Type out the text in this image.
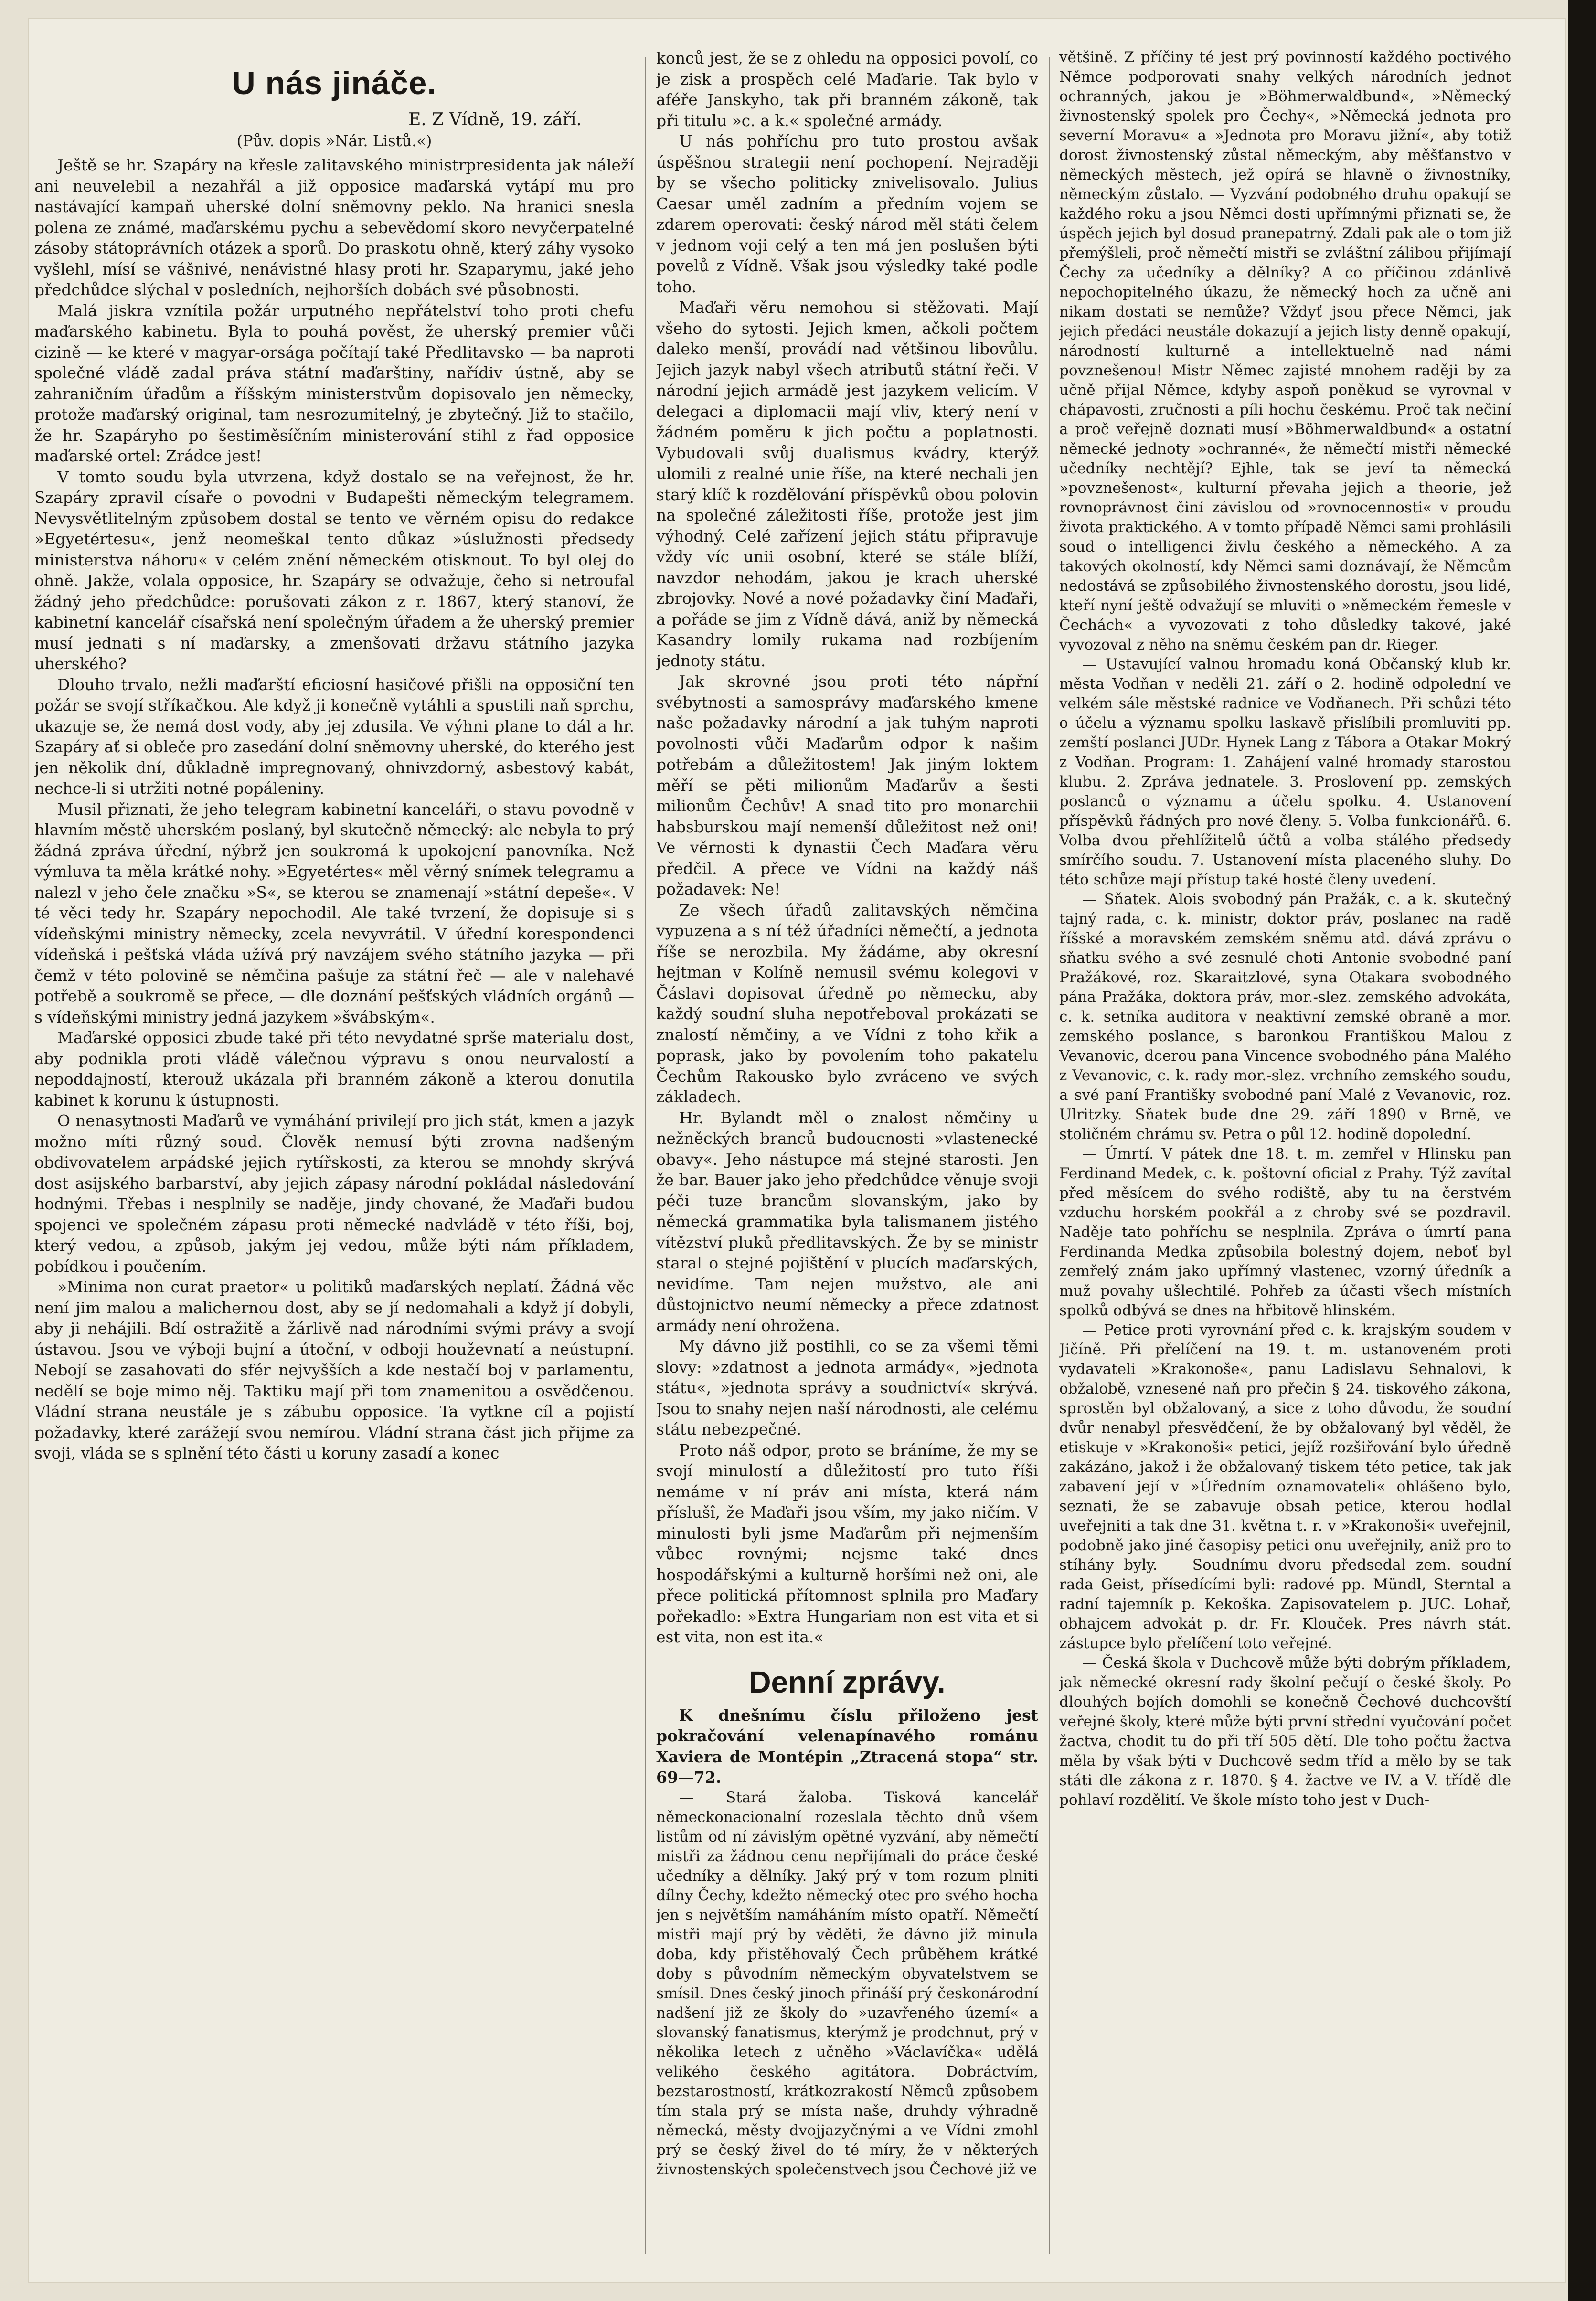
U nás jináče.
E. Z Vídně, 19. září.
(Pův. dopis »Nár. Listů.«)

Ještě se hr. Szapáry na křesle zalitavského ministrpresidenta jak náleží ani neuvelebil a nezahřál a již opposice maďarská vytápí mu pro nastávající kampaň uherské dolní sněmovny peklo. Na hranici snesla polena ze známé, maďarskému pychu a sebevědomí skoro nevyčerpatelné zásoby státoprávních otázek a sporů. Do praskotu ohně, který záhy vysoko vyšlehl, mísí se vášnivé, nenávistné hlasy proti hr. Szaparymu, jaké jeho předchůdce slýchal v posledních, nejhorších dobách své působnosti.

Malá jiskra vznítila požár urputného nepřátelství toho proti chefu maďarského kabinetu. Byla to pouhá pověst, že uherský premier vůči cizině — ke které v magyar-orsága počítají také Předlitavsko — ba naproti společné vládě zadal práva státní maďarštiny, nařídiv ústně, aby se zahraničním úřadům a říšským ministerstvům dopisovalo jen německy, protože maďarský original, tam nesrozumitelný, je zbytečný. Již to stačilo, že hr. Szapáryho po šestiměsíčním ministerování stihl z řad opposice maďarské ortel: Zrádce jest!

V tomto soudu byla utvrzena, když dostalo se na veřejnost, že hr. Szapáry zpravil císaře o povodni v Budapešti německým telegramem. Nevysvětlitelným způsobem dostal se tento ve věrném opisu do redakce »Egyetértesu«, jenž neomeškal tento důkaz »úslužnosti předsedy ministerstva náhoru« v celém znění německém otisknout. To byl olej do ohně. Jakže, volala opposice, hr. Szapáry se odvažuje, čeho si netroufal žádný jeho předchůdce: porušovati zákon z r. 1867, který stanoví, že kabinetní kancelář císařská není společným úřadem a že uherský premier musí jednati s ní maďarsky, a zmenšovati državu státního jazyka uherského?

Dlouho trvalo, nežli maďarští eficiosní hasičové přišli na opposiční ten požár se svojí stříkačkou. Ale když ji konečně vytáhli a spustili naň sprchu, ukazuje se, že nemá dost vody, aby jej zdusila. Ve výhni plane to dál a hr. Szapáry ať si obleče pro zasedání dolní sněmovny uherské, do kterého jest jen několik dní, důkladně impregnovaný, ohnivzdorný, asbestový kabát, nechce-li si utržiti notné popáleniny.

Musil přiznati, že jeho telegram kabinetní kanceláři, o stavu povodně v hlavním městě uherském poslaný, byl skutečně německý: ale nebyla to prý žádná zpráva úřední, nýbrž jen soukromá k upokojení panovníka. Než výmluva ta měla krátké nohy. »Egyetértes« měl věrný snímek telegramu a nalezl v jeho čele značku »S«, se kterou se znamenají »státní depeše«. V té věci tedy hr. Szapáry nepochodil. Ale také tvrzení, že dopisuje si s vídeňskými ministry německy, zcela nevyvrátil. V úřední korespondenci vídeňská i pešťská vláda užívá prý navzájem svého státního jazyka — při čemž v této polovině se němčina pašuje za státní řeč — ale v nalehavé potřebě a soukromě se přece, — dle doznání pešťských vládních orgánů — s vídeňskými ministry jedná jazykem »švábským«.

Maďarské opposici zbude také při této nevydatné sprše materialu dost, aby podnikla proti vládě válečnou výpravu s onou neurvalostí a nepoddajností, kterouž ukázala při branném zákoně a kterou donutila kabinet k korunu k ústupnosti.

O nenasytnosti Maďarů ve vymáhání privilejí pro jich stát, kmen a jazyk možno míti různý soud. Člověk nemusí býti zrovna nadšeným obdivovatelem arpádské jejich rytířskosti, za kterou se mnohdy skrývá dost asijského barbarství, aby jejich zápasy národní pokládal následování hodnými. Třebas i nesplnily se naděje, jindy chované, že Maďaři budou spojenci ve společném zápasu proti německé nadvládě v této říši, boj, který vedou, a způsob, jakým jej vedou, může býti nám příkladem, pobídkou i poučením.

»Minima non curat praetor« u politiků maďarských neplatí. Žádná věc není jim malou a malichernou dost, aby se jí nedomahali a když jí dobyli, aby ji nehájili. Bdí ostražitě a žárlivě nad národními svými právy a svojí ústavou. Jsou ve výboji bujní a útoční, v odboji houževnatí a neústupní. Nebojí se zasahovati do sfér nejvyšších a kde nestačí boj v parlamentu, nedělí se boje mimo něj. Taktiku mají při tom znamenitou a osvědčenou. Vládní strana neustále je s zábubu opposice. Ta vytkne cíl a pojistí požadavky, které zarážejí svou nemírou. Vládní strana část jich přijme za svoji, vláda se s splnění této části u koruny zasadí a konec

konců jest, že se z ohledu na opposici povolí, co je zisk a prospěch celé Maďarie. Tak bylo v aféře Janskyho, tak při branném zákoně, tak při titulu »c. a k.« společné armády.

U nás pohříchu pro tuto prostou avšak úspěšnou strategii není pochopení. Nejraději by se všecho politicky znivelisovalo. Julius Caesar uměl zadním a předním vojem se zdarem operovati: český národ měl státi čelem v jednom voji celý a ten má jen poslušen býti povelů z Vídně. Však jsou výsledky také podle toho.

Maďaři věru nemohou si stěžovati. Mají všeho do sytosti. Jejich kmen, ačkoli počtem daleko menší, provádí nad většinou libovůlu. Jejich jazyk nabyl všech atributů státní řeči. V národní jejich armádě jest jazykem velicím. V delegaci a diplomacii mají vliv, který není v žádném poměru k jich počtu a poplatnosti. Vybudovali svůj dualismus kvádry, kterýž ulomili z realné unie říše, na které nechali jen starý klíč k rozdělování příspěvků obou polovin na společné záležitosti říše, protože jest jim výhodný. Celé zařízení jejich státu připravuje vždy víc unii osobní, které se stále blíží, navzdor nehodám, jakou je krach uherské zbrojovky. Nové a nové požadavky činí Maďaři, a pořáde se jim z Vídně dává, aniž by německá Kasandry lomily rukama nad rozbíjením jednoty státu.

Jak skrovné jsou proti této nápřní svébytnosti a samosprávy maďarského kmene naše požadavky národní a jak tuhým naproti povolnosti vůči Maďarům odpor k našim potřebám a důležitostem! Jak jiným loktem měří se pěti milionům Maďarův a šesti milionům Čechův! A snad tito pro monarchii habsburskou mají nemenší důležitost než oni! Ve věrnosti k dynastii Čech Maďara věru předčil. A přece ve Vídni na každý náš požadavek: Ne!

Ze všech úřadů zalitavských němčina vypuzena a s ní též úřadníci němečtí, a jednota říše se nerozbila. My žádáme, aby okresní hejtman v Kolíně nemusil svému kolegovi v Čáslavi dopisovat úředně po německu, aby každý soudní sluha nepotřeboval prokázati se znalostí němčiny, a ve Vídni z toho křik a poprask, jako by povolením toho pakatelu Čechům Rakousko bylo zvráceno ve svých základech.

Hr. Bylandt měl o znalost němčiny u nežněckých branců budoucnosti »vlastenecké obavy«. Jeho nástupce má stejné starosti. Jen že bar. Bauer jako jeho předchůdce věnuje svoji péči tuze brancům slovanským, jako by německá grammatika byla talismanem jistého vítězství pluků předlitavských. Že by se ministr staral o stejné pojištění v plucích maďarských, nevidíme. Tam nejen mužstvo, ale ani důstojnictvo neumí německy a přece zdatnost armády není ohrožena.

My dávno již postihli, co se za všemi těmi slovy: »zdatnost a jednota armády«, »jednota státu«, »jednota správy a soudnictví« skrývá. Jsou to snahy nejen naší národnosti, ale celému státu nebezpečné.

Proto náš odpor, proto se bráníme, že my se svojí minulostí a důležitostí pro tuto říši nemáme v ní práv ani místa, která nám příslušî, že Maďaři jsou vším, my jako ničím. V minulosti byli jsme Maďarům při nejmenším vůbec rovnými; nejsme také dnes hospodářskými a kulturně horšími než oni, ale přece politická přítomnost splnila pro Maďary pořekadlo: »Extra Hungariam non est vita et si est vita, non est ita.«

Denní zprávy.

K dnešnímu číslu přiloženo jest pokračování velenapínavého románu Xaviera de Montépin „Ztracená stopa“ str. 69—72.

— Stará žaloba. Tisková kancelář německonacionalní rozeslala těchto dnů všem listům od ní závislým opětné vyzvání, aby němečtí mistři za žádnou cenu nepřijímali do práce české učedníky a dělníky. Jaký prý v tom rozum plniti dílny Čechy, kdežto německý otec pro svého hocha jen s největším namáháním místo opatří. Němečtí mistři mají prý by věděti, že dávno již minula doba, kdy přistěhovalý Čech průběhem krátké doby s původním německým obyvatelstvem se smísil. Dnes český jinoch přináší prý českonárodní nadšení již ze školy do »uzavřeného území« a slovanský fanatismus, kterýmž je prodchnut, prý v několika letech z učněho »Václavíčka« udělá velikého českého agitátora. Dobráctvím, bezstarostností, krátkozrakostí Němců způsobem tím stala prý se místa naše, druhdy výhradně německá, městy dvojjazyčnými a ve Vídni zmohl prý se český živel do té míry, že v některých živnostenských společenstvech jsou Čechové již ve

většině. Z příčiny té jest prý povinností každého poctivého Němce podporovati snahy velkých národních jednot ochranných, jakou je »Böhmerwaldbund«, »Německý živnostenský spolek pro Čechy«, »Německá jednota pro severní Moravu« a »Jednota pro Moravu jižní«, aby totiž dorost živnostenský zůstal německým, aby měšťanstvo v německých městech, jež opírá se hlavně o živnostníky, německým zůstalo. — Vyzvání podobného druhu opakují se každého roku a jsou Němci dosti upřímnými přiznati se, že úspěch jejich byl dosud pranepatrný. Zdali pak ale o tom již přemýšleli, proč němečtí mistři se zvláštní zálibou přijímají Čechy za učedníky a dělníky? A co příčinou zdánlivě nepochopitelného úkazu, že německý hoch za učně ani nikam dostati se nemůže? Vždyť jsou přece Němci, jak jejich předáci neustále dokazují a jejich listy denně opakují, národností kulturně a intellektuelně nad námi povznešenou! Mistr Němec zajisté mnohem raději by za učně přijal Němce, kdyby aspoň poněkud se vyrovnal v chápavosti, zručnosti a píli hochu českému. Proč tak nečiní a proč veřejně doznati musí »Böhmerwaldbund« a ostatní německé jednoty »ochranné«, že němečtí mistři německé učedníky nechtějí? Ejhle, tak se jeví ta německá »povznešenost«, kulturní převaha jejich a theorie, jež rovnoprávnost činí závislou od »rovnocennosti« v proudu života praktického. A v tomto případě Němci sami prohlásili soud o intelligenci živlu českého a německého. A za takových okolností, kdy Němci sami doznávají, že Němcům nedostává se způsobilého živnostenského dorostu, jsou lidé, kteří nyní ještě odvažují se mluviti o »německém řemesle v Čechách« a vyvozovati z toho důsledky takové, jaké vyvozoval z něho na sněmu českém pan dr. Rieger.

— Ustavující valnou hromadu koná Občanský klub kr. města Vodňan v neděli 21. září o 2. hodině odpolední ve velkém sále městské radnice ve Vodňanech. Při schůzi této o účelu a významu spolku laskavě přislíbili promluviti pp. zemští poslanci JUDr. Hynek Lang z Tábora a Otakar Mokrý z Vodňan. Program: 1. Zahájení valné hromady starostou klubu. 2. Zpráva jednatele. 3. Proslovení pp. zemských poslanců o významu a účelu spolku. 4. Ustanovení příspěvků řádných pro nové členy. 5. Volba funkcionářů. 6. Volba dvou přehlížitelů účtů a volba stálého předsedy smírčího soudu. 7. Ustanovení místa placeného sluhy. Do této schůze mají přístup také hosté členy uvedení.

— Sňatek. Alois svobodný pán Pražák, c. a k. skutečný tajný rada, c. k. ministr, doktor práv, poslanec na radě říšské a moravském zemském sněmu atd. dává zprávu o sňatku svého a své zesnulé choti Antonie svobodné paní Pražákové, roz. Skaraitzlové, syna Otakara svobodného pána Pražáka, doktora práv, mor.-slez. zemského advokáta, c. k. setníka auditora v neaktivní zemské obraně a mor. zemského poslance, s baronkou Františkou Malou z Vevanovic, dcerou pana Vincence svobodného pána Malého z Vevanovic, c. k. rady mor.-slez. vrchního zemského soudu, a své paní Františky svobodné paní Malé z Vevanovic, roz. Ulritzky. Sňatek bude dne 29. září 1890 v Brně, ve stoličném chrámu sv. Petra o půl 12. hodině dopolední.

— Úmrtí. V pátek dne 18. t. m. zemřel v Hlinsku pan Ferdinand Medek, c. k. poštovní oficial z Prahy. Týž zavítal před měsícem do svého rodiště, aby tu na čerstvém vzduchu horském pookřál a z chroby své se pozdravil. Naděje tato pohříchu se nesplnila. Zpráva o úmrtí pana Ferdinanda Medka způsobila bolestný dojem, neboť byl zemřelý znám jako upřímný vlastenec, vzorný úředník a muž povahy ušlechtilé. Pohřeb za účasti všech místních spolků odbývá se dnes na hřbitově hlinském.

— Petice proti vyrovnání před c. k. krajským soudem v Jičíně. Při přelíčení na 19. t. m. ustanoveném proti vydavateli »Krakonoše«, panu Ladislavu Sehnalovi, k obžalobě, vznesené naň pro přečin § 24. tiskového zákona, sprostěn byl obžalovaný, a sice z toho důvodu, že soudní dvůr nenabyl přesvědčení, že by obžalovaný byl věděl, že etiskuje v »Krakonoši« petici, jejíž rozšiřování bylo úředně zakázáno, jakož i že obžalovaný tiskem této petice, tak jak zabavení její v »Úředním oznamovateli« ohlášeno bylo, seznati, že se zabavuje obsah petice, kterou hodlal uveřejniti a tak dne 31. května t. r. v »Krakonoši« uveřejnil, podobně jako jiné časopisy petici onu uveřejnily, aniž pro to stíhány byly. — Soudnímu dvoru předsedal zem. soudní rada Geist, přísedícími byli: radové pp. Mündl, Sterntal a radní tajemník p. Kekoška. Zapisovatelem p. JUC. Lohař, obhajcem advokát p. dr. Fr. Klouček. Pres návrh stát. zástupce bylo přelíčení toto veřejné.

— Česká škola v Duchcově může býti dobrým příkladem, jak německé okresní rady školní pečují o české školy. Po dlouhých bojích domohli se konečně Čechové duchcovští veřejné školy, které může býti první střední vyučování počet žactva, chodit tu do při tří 505 dětí. Dle toho počtu žactva měla by však býti v Duchcově sedm tříd a mělo by se tak státi dle zákona z r. 1870. § 4. žactve ve IV. a V. třídě dle pohlaví rozdělití. Ve škole místo toho jest v Duch-
